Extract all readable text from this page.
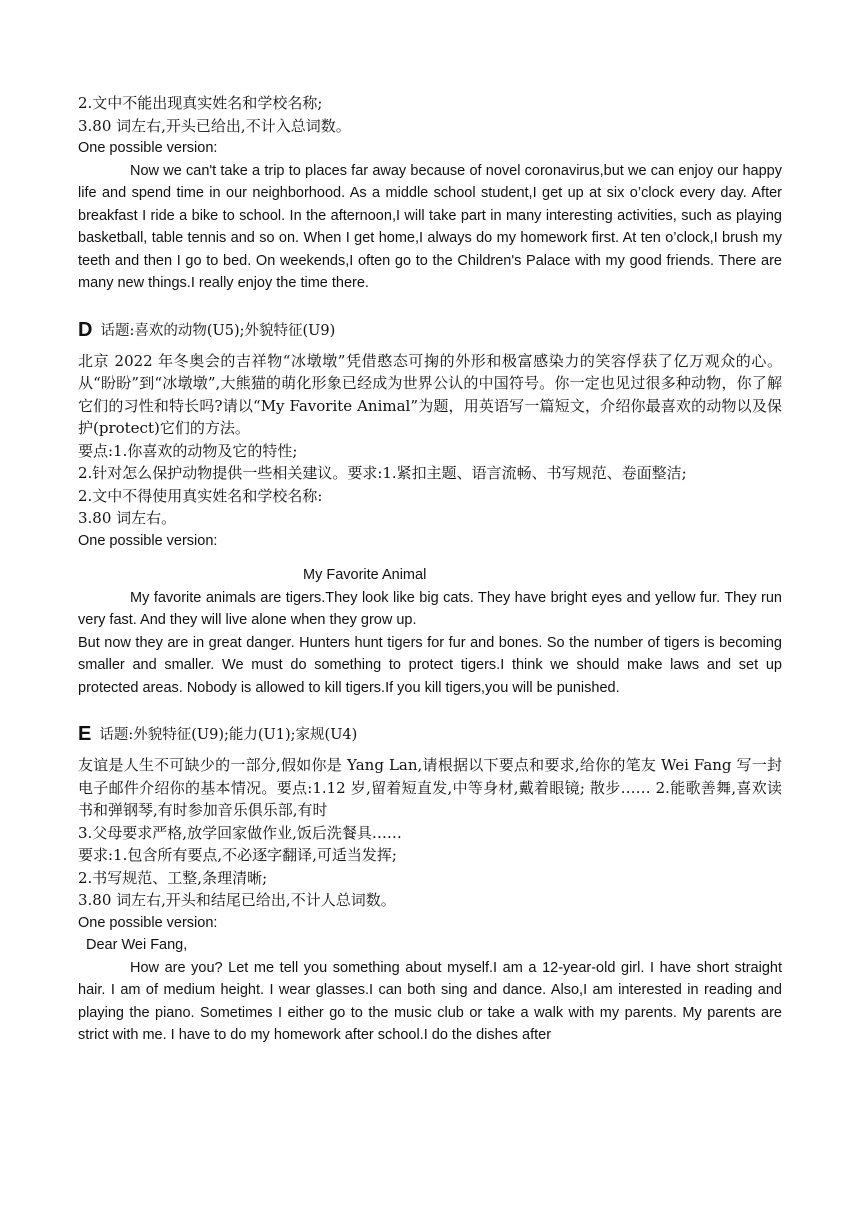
2.文中不能出现真实姓名和学校名称;
3.80 词左右,开头已给出,不计入总词数。
One possible version:

Now we can't take a trip to places far away because of novel coronavirus,but we can enjoy our happy life and spend time in our neighborhood. As a middle school student,I get up at six o’clock every day. After breakfast I ride a bike to school. In the afternoon,I will take part in many interesting activities, such as playing basketball, table tennis and so on. When I get home,I always do my homework first. At ten o’clock,I brush my teeth and then I go to bed. On weekends,I often go to the Children's Palace with my good friends. There are many new things.I really enjoy the time there.

D 话题:喜欢的动物(U5);外貌特征(U9)

北京 2022 年冬奥会的吉祥物“冰墩墩”凭借憨态可掬的外形和极富感染力的笑容俘获了亿万观众的心。从“盼盼”到“冰墩墩”,大熊猫的萌化形象已经成为世界公认的中国符号。你一定也见过很多种动物，你了解它们的习性和特长吗?请以“My Favorite Animal”为题，用英语写一篇短文，介绍你最喜欢的动物以及保护(protect)它们的方法。

要点:1.你喜欢的动物及它的特性;
2.针对怎么保护动物提供一些相关建议。要求:1.紧扣主题、语言流畅、书写规范、卷面整洁;
2.文中不得使用真实姓名和学校名称:
3.80 词左右。
One possible version:
My Favorite Animal

My favorite animals are tigers.They look like big cats. They have bright eyes and yellow fur. They run very fast. And they will live alone when they grow up.

But now they are in great danger. Hunters hunt tigers for fur and bones. So the number of tigers is becoming smaller and smaller. We must do something to protect tigers.I think we should make laws and set up protected areas. Nobody is allowed to kill tigers.If you kill tigers,you will be punished.

E 话题:外貌特征(U9);能力(U1);家规(U4)

友谊是人生不可缺少的一部分,假如你是 Yang Lan,请根据以下要点和要求,给你的笔友 Wei Fang 写一封电子邮件介绍你的基本情况。要点:1.12 岁,留着短直发,中等身材,戴着眼镜; 散步…… 2.能歌善舞,喜欢读书和弹钢琴,有时参加音乐俱乐部,有时

3.父母要求严格,放学回家做作业,饭后洗餐具……
要求:1.包含所有要点,不必逐字翻译,可适当发挥;
2.书写规范、工整,条理清晰;
3.80 词左右,开头和结尾已给出,不计人总词数。
One possible version:
Dear Wei Fang,

How are you? Let me tell you something about myself.I am a 12-year-old girl. I have short straight hair. I am of medium height. I wear glasses.I can both sing and dance. Also,I am interested in reading and playing the piano. Sometimes I either go to the music club or take a walk with my parents. My parents are strict with me. I have to do my homework after school.I do the dishes after
